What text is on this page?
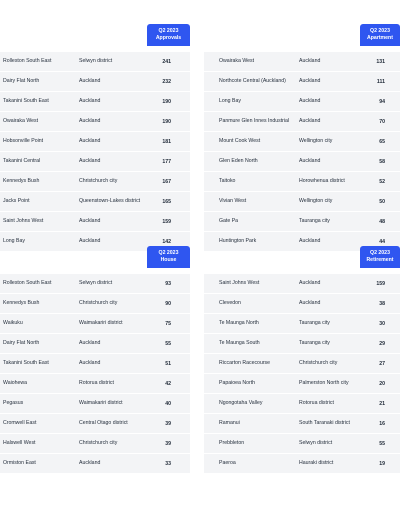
Q2 2023
Approvals
Rolleston South East	Selwyn district	241
Dairy Flat North	Auckland	232
Takanini South East	Auckland	190
Owairaka West	Auckland	190
Hobsonville Point	Auckland	181
Takanini Central	Auckland	177
Kennedys Bush	Christchurch city	167
Jacks Point	Queenstown-Lakes district	165
Saint Johns West	Auckland	159
Long Bay	Auckland	142
Q2 2023
Apartment
Owairaka West	Auckland	131
Northcote Central (Auckland)	Auckland	111
Long Bay	Auckland	94
Panmure Glen Innes Industrial	Auckland	70
Mount Cook West	Wellington city	65
Glen Eden North	Auckland	58
Taitoko	Horowhenua district	52
Vivian West	Wellington city	50
Gate Pa	Tauranga city	48
Huntington Park	Auckland	44
Q2 2023
House
Rolleston South East	Selwyn district	93
Kennedys Bush	Christchurch city	90
Waikuku	Waimakariri district	75
Dairy Flat North	Auckland	55
Takanini South East	Auckland	51
Waiohewa	Rotorua district	42
Pegasus	Waimakariri district	40
Cromwell East	Central Otago district	39
Halswell West	Christchurch city	39
Ormiston East	Auckland	33
Q2 2023
Retirement
Saint Johns West	Auckland	159
Clevedon	Auckland	38
Te Maunga North	Tauranga city	30
Te Maunga South	Tauranga city	29
Riccarton Racecourse	Christchurch city	27
Papaioea North	Palmerston North city	20
Ngongotaha Valley	Rotorua district	21
Ramanui	South Taranaki district	16
Prebbleton	Selwyn district	55
Paeroa	Hauraki district	19
